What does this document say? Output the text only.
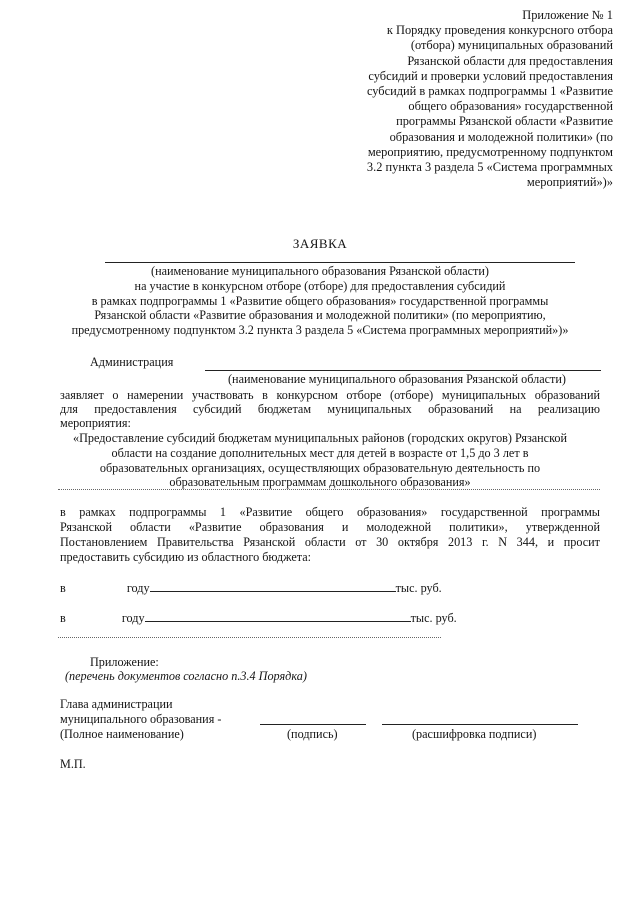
Приложение № 1
к Порядку проведения конкурсного отбора
(отбора) муниципальных образований
Рязанской области для предоставления
субсидий и проверки условий предоставления
субсидий в рамках подпрограммы 1 «Развитие
общего образования» государственной
программы Рязанской области «Развитие
образования и молодежной политики» (по
мероприятию, предусмотренному подпунктом
3.2 пункта 3 раздела 5 «Система программных
мероприятий»)»
ЗАЯВКА
(наименование муниципального образования Рязанской области)
на участие в конкурсном отборе (отборе) для предоставления субсидий
в рамках подпрограммы 1 «Развитие общего образования» государственной программы
Рязанской области «Развитие образования и молодежной политики» (по мероприятию,
предусмотренному подпунктом 3.2 пункта 3 раздела 5 «Система программных мероприятий»)»
Администрация
(наименование муниципального образования Рязанской области)
заявляет о намерении участвовать в конкурсном отборе (отборе) муниципальных образований
для предоставления субсидий бюджетам муниципальных образований на реализацию
мероприятия:
«Предоставление субсидий бюджетам муниципальных районов (городских округов) Рязанской
области на создание дополнительных мест для детей в возрасте от 1,5 до 3 лет в
образовательных организациях, осуществляющих образовательную деятельность по
образовательным программам дошкольного образования»
в рамках подпрограммы 1 «Развитие общего образования» государственной программы
Рязанской области «Развитие образования и молодежной политики», утвержденной
Постановлением Правительства Рязанской области от 30 октября 2013 г. N 344, и просит
предоставить субсидию из областного бюджета:
в	году	тыс. руб.
в	году	тыс. руб.
Приложение:
(перечень документов согласно п.3.4 Порядка)
Глава администрации
муниципального образования -
(Полное наименование)	(подпись)	(расшифровка подписи)
М.П.
